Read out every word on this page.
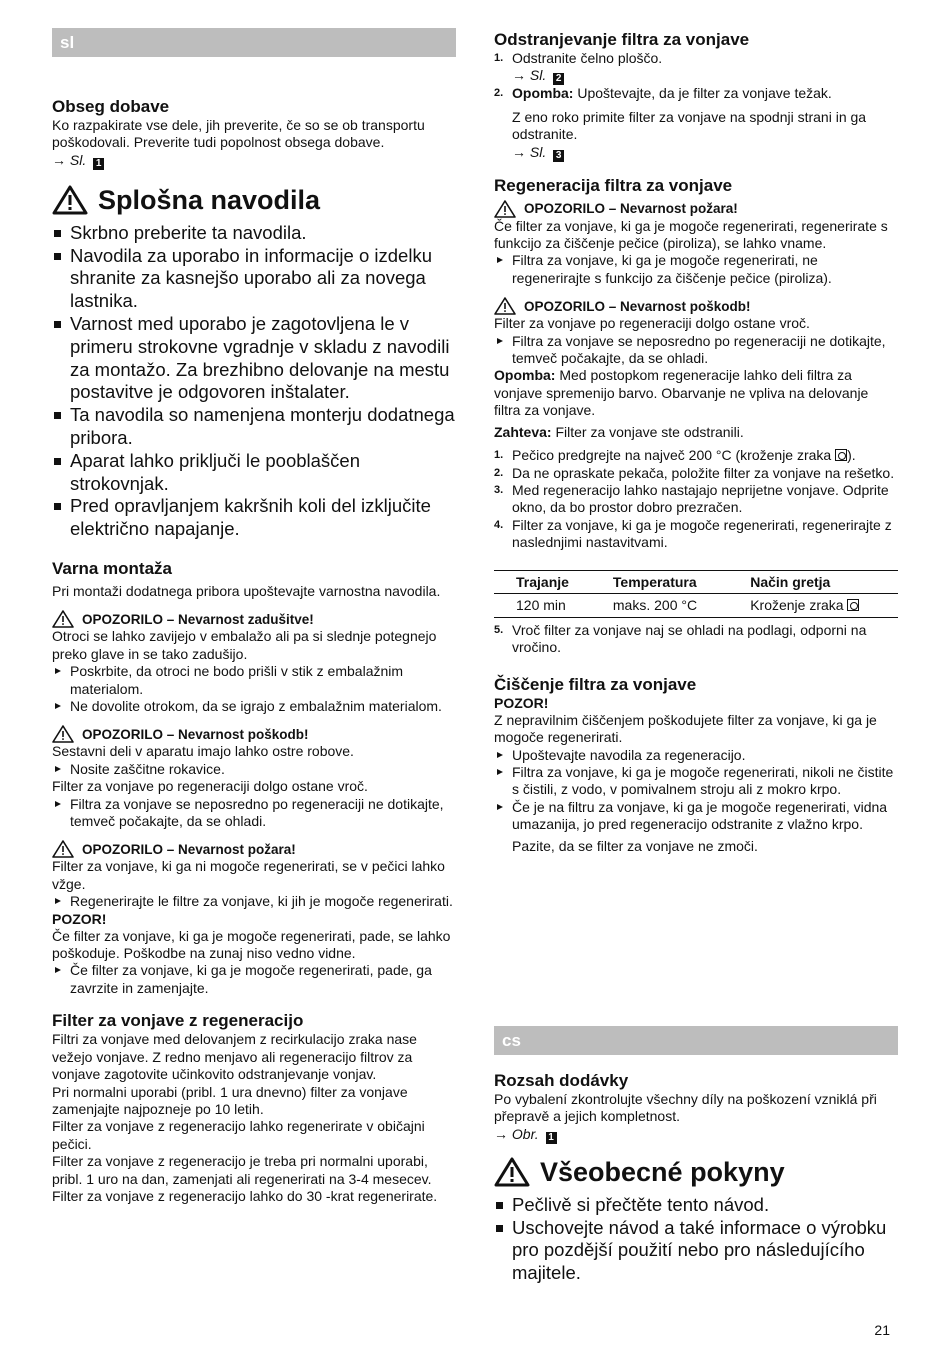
sl
Obseg dobave

Ko razpakirate vse dele, jih preverite, če so se ob transportu poškodovali. Preverite tudi popolnost obsega dobave.

→ Sl. 1
Splošna navodila
Skrbno preberite ta navodila.
Navodila za uporabo in informacije o izdelku shranite za kasnejšo uporabo ali za novega lastnika.
Varnost med uporabo je zagotovljena le v primeru strokovne vgradnje v skladu z navodili za montažo. Za brezhibno delovanje na mestu postavitve je odgovoren inštalater.
Ta navodila so namenjena monterju dodatnega pribora.
Aparat lahko priključi le pooblaščen strokovnjak.
Pred opravljanjem kakršnih koli del izključite električno napajanje.
Varna montaža

Pri montaži dodatnega pribora upoštevajte varnostna navodila.

OPOZORILO – Nevarnost zadušitve!

Otroci se lahko zavijejo v embalažo ali pa si slednje potegnejo preko glave in se tako zadušijo.

Poskrbite, da otroci ne bodo prišli v stik z embalažnim materialom.
Ne dovolite otrokom, da se igrajo z embalažnim materialom.
OPOZORILO – Nevarnost poškodb!

Sestavni deli v aparatu imajo lahko ostre robove.

Nosite zaščitne rokavice.

Filter za vonjave po regeneraciji dolgo ostane vroč.

Filtra za vonjave se neposredno po regeneraciji ne dotikajte, temveč počakajte, da se ohladi.
OPOZORILO – Nevarnost požara!

Filter za vonjave, ki ga ni mogoče regenerirati, se v pečici lahko vžge.

Regenerirajte le filtre za vonjave, ki jih je mogoče regenerirati.
POZOR!

Če filter za vonjave, ki ga je mogoče regenerirati, pade, se lahko poškoduje. Poškodbe na zunaj niso vedno vidne.

Če filter za vonjave, ki ga je mogoče regenerirati, pade, ga zavrzite in zamenjajte.
Filter za vonjave z regeneracijo

Filtri za vonjave med delovanjem z recirkulacijo zraka nase vežejo vonjave. Z redno menjavo ali regeneracijo filtrov za vonjave zagotovite učinkovito odstranjevanje vonjav.

Pri normalni uporabi (pribl. 1 ura dnevno) filter za vonjave zamenjajte najpozneje po 10 letih.

Filter za vonjave z regeneracijo lahko regenerirate v običajni pečici.

Filter za vonjave z regeneracijo je treba pri normalni uporabi, pribl. 1 uro na dan, zamenjati ali regenerirati na 3-4 mesecev. Filter za vonjave z regeneracijo lahko do 30 -krat regenerirate.

Odstranjevanje filtra za vonjave
1. Odstranite čelno ploščo.
→ Sl. 2
2. Opomba: Upoštevajte, da je filter za vonjave težak.
Z eno roko primite filter za vonjave na spodnji strani in ga odstranite.
→ Sl. 3
Regeneracija filtra za vonjave
OPOZORILO – Nevarnost požara!

Če filter za vonjave, ki ga je mogoče regenerirati, regenerirate s funkcijo za čiščenje pečice (piroliza), se lahko vname.

Filtra za vonjave, ki ga je mogoče regenerirati, ne regenerirajte s funkcijo za čiščenje pečice (piroliza).
OPOZORILO – Nevarnost poškodb!

Filter za vonjave po regeneraciji dolgo ostane vroč.

Filtra za vonjave se neposredno po regeneraciji ne dotikajte, temveč počakajte, da se ohladi.

Opomba: Med postopkom regeneracije lahko deli filtra za vonjave spremenijo barvo. Obarvanje ne vpliva na delovanje filtra za vonjave.

Zahteva: Filter za vonjave ste odstranili.

1. Pečico predgrejte na največ 200 °C (kroženje zraka ).
2. Da ne opraskate pekača, položite filter za vonjave na rešetko.
3. Med regeneracijo lahko nastajajo neprijetne vonjave. Odprite okno, da bo prostor dobro prezračen.
4. Filter za vonjave, ki ga je mogoče regenerirati, regenerirajte z naslednjimi nastavitvami.
Trajanje	Temperatura	Način gretja
120 min	maks. 200 °C	Kroženje zraka
5. Vroč filter za vonjave naj se ohladi na podlagi, odporni na vročino.
Čiščenje filtra za vonjave
POZOR!

Z nepravilnim čiščenjem poškodujete filter za vonjave, ki ga je mogoče regenerirati.

Upoštevajte navodila za regeneracijo.
Filtra za vonjave, ki ga je mogoče regenerirati, nikoli ne čistite s čistili, z vodo, v pomivalnem stroju ali z mokro krpo.
Če je na filtru za vonjave, ki ga je mogoče regenerirati, vidna umazanija, jo pred regeneracijo odstranite z vlažno krpo.

Pazite, da se filter za vonjave ne zmoči.

cs
Rozsah dodávky

Po vybalení zkontrolujte všechny díly na poškození vzniklá při přepravě a jejich kompletnost.

→ Obr. 1
Všeobecné pokyny
Pečlivě si přečtěte tento návod.
Uschovejte návod a také informace o výrobku pro pozdější použití nebo pro následujícího majitele.
21
